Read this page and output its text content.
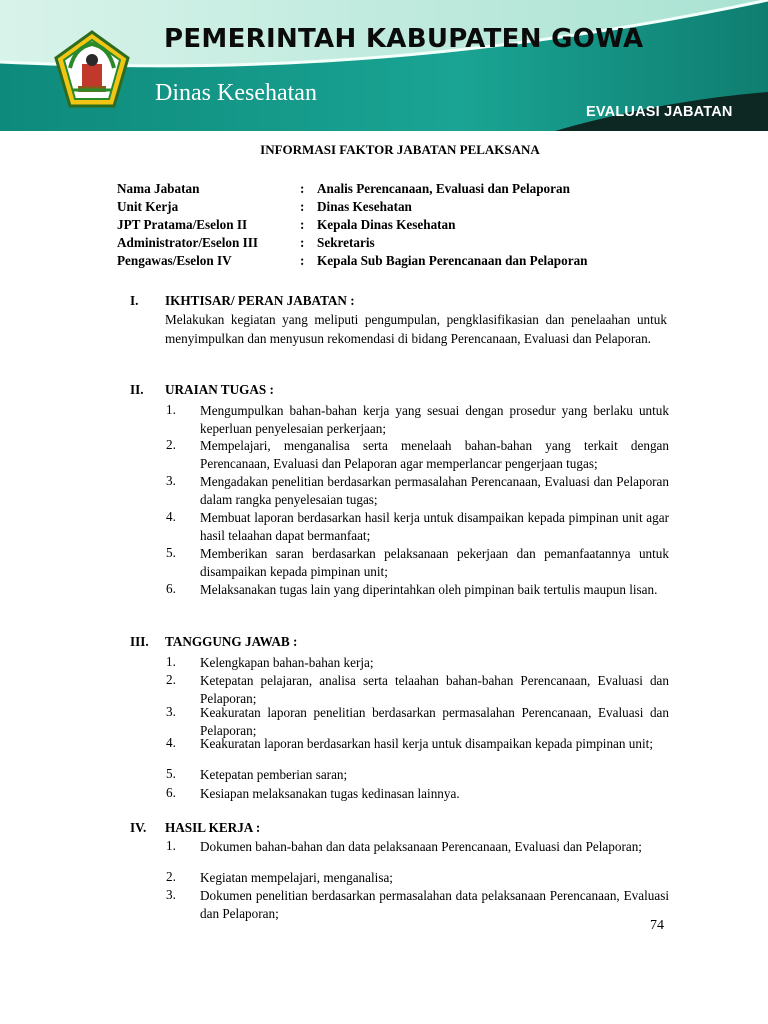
PEMERINTAH KABUPATEN GOWA
Dinas Kesehatan
EVALUASI JABATAN
INFORMASI FAKTOR JABATAN PELAKSANA
Nama Jabatan	: Analis Perencanaan, Evaluasi dan Pelaporan
Unit Kerja	: Dinas Kesehatan
JPT Pratama/Eselon II	: Kepala Dinas Kesehatan
Administrator/Eselon III	: Sekretaris
Pengawas/Eselon IV	: Kepala Sub Bagian Perencanaan dan Pelaporan
I. IKHTISAR/ PERAN JABATAN :
Melakukan kegiatan yang meliputi pengumpulan, pengklasifikasian dan penelaahan untuk menyimpulkan dan menyusun rekomendasi di bidang Perencanaan, Evaluasi dan Pelaporan.
II. URAIAN TUGAS :
1. Mengumpulkan bahan-bahan kerja yang sesuai dengan prosedur yang berlaku untuk keperluan penyelesaian perkerjaan;
2. Mempelajari, menganalisa serta menelaah bahan-bahan yang terkait dengan Perencanaan, Evaluasi dan Pelaporan agar memperlancar pengerjaan tugas;
3. Mengadakan penelitian berdasarkan permasalahan Perencanaan, Evaluasi dan Pelaporan dalam rangka penyelesaian tugas;
4. Membuat laporan berdasarkan hasil kerja untuk disampaikan kepada pimpinan unit agar hasil telaahan dapat bermanfaat;
5. Memberikan saran berdasarkan pelaksanaan pekerjaan dan pemanfaatannya untuk disampaikan kepada pimpinan unit;
6. Melaksanakan tugas lain yang diperintahkan oleh pimpinan baik tertulis maupun lisan.
III. TANGGUNG JAWAB :
1. Kelengkapan bahan-bahan kerja;
2. Ketepatan pelajaran, analisa serta telaahan bahan-bahan Perencanaan, Evaluasi dan Pelaporan;
3. Keakuratan laporan penelitian berdasarkan permasalahan Perencanaan, Evaluasi dan Pelaporan;
4. Keakuratan laporan berdasarkan hasil kerja untuk disampaikan kepada pimpinan unit;
5. Ketepatan pemberian saran;
6. Kesiapan melaksanakan tugas kedinasan lainnya.
IV. HASIL KERJA :
1. Dokumen bahan-bahan dan data pelaksanaan Perencanaan, Evaluasi dan Pelaporan;
2. Kegiatan mempelajari, menganalisa;
3. Dokumen penelitian berdasarkan permasalahan data pelaksanaan Perencanaan, Evaluasi dan Pelaporan;
74
